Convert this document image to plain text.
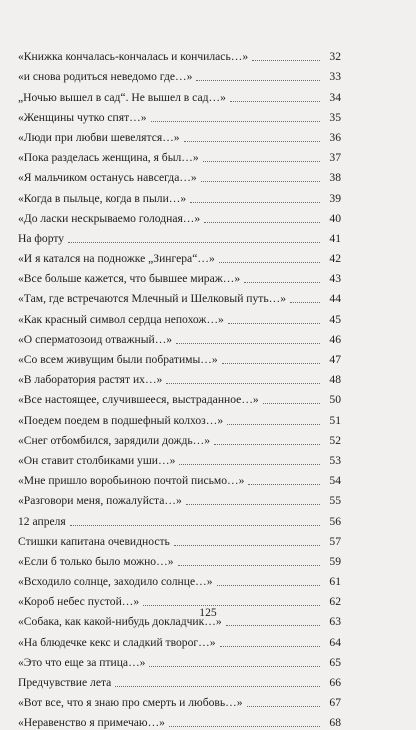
«Книжка кончалась-кончалась и кончилась…»	32
«и снова родиться неведомо где…»	33
„Ночью вышел в сад“. Не вышел в сад…»	34
«Женщины чутко спят…»	35
«Люди при любви шевелятся…»	36
«Пока разделась женщина, я был…»	37
«Я мальчиком останусь навсегда…»	38
«Когда в пыльце, когда в пыли…»	39
«До ласки нескрываемо голодная…»	40
На форту	41
«И я катался на подножке „Зингера“…»	42
«Все больше кажется, что бывшее мираж…»	43
«Там, где встречаются Млечный и Шелковый путь…»	44
«Как красный символ сердца непохож…»	45
«О сперматозоид отважный…»	46
«Со всем живущим были побратимы…»	47
«В лаборатория растят их…»	48
«Все настоящее, случившееся, выстраданное…»	50
«Поедем поедем в подшефный колхоз…»	51
«Снег отбомбился, зарядили дождь…»	52
«Он ставит столбиками уши…»	53
«Мне пришло воробьиною почтой письмо…»	54
«Разговори меня, пожалуйста…»	55
12 апреля	56
Стишки капитана очевидность	57
«Если б только было можно…»	59
«Всходило солнце, заходило солнце…»	61
«Короб небес пустой…»	62
«Собака, как какой-нибудь докладчик…»	63
«На блюдечке кекс и сладкий творог…»	64
«Это что еще за птица…»	65
Предчувствие лета	66
«Вот все, что я знаю про смерть и любовь…»	67
«Неравенство я примечаю…»	68
125
